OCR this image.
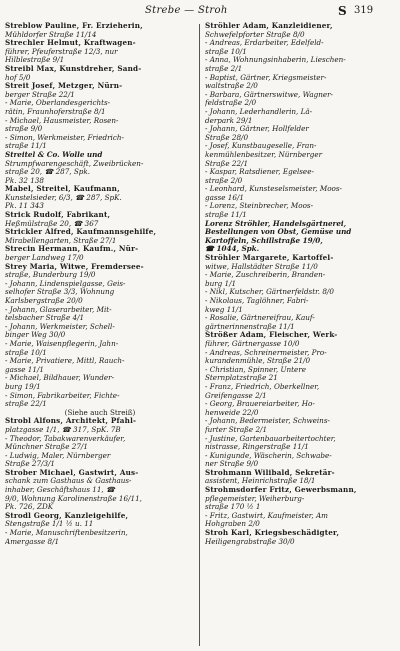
Strebe — Stroh	S 319
Streblow Pauline, Fr. Erzieherin,
Mühldorfer Straße 11/14
Strechler Helmut, Kraftwagen-
führer, Pfeuferstraße 12/3, nur
Hilblestraße 9/1
Streibl Max, Kunstdreher, Sand-
hof 5/0
Streit Josef, Metzger, Nürn-
berger Straße 22/1
- Marie, Oberlandesgerichts-
rätin, Fraunhoferstraße 8/1
- Michael, Hausmeister, Rosen-
straße 9/0
- Simon, Werkmeister, Friedrich-
straße 11/1
Streitel & Co. Wolle und
Strumpfwarengeschäft, Zweibrücken-
straße 20, ☎ 287, Spk.
Pk. 32 138
Mabel, Streitel, Kaufmann,
Kunstelsieder, 6/3, ☎ 287, SpK.
Pk. 11 343
Strick Rudolf, Fabrikant,
Heßmülstraße 20, ☎ 367
Strickler Alfred, Kaufmannsgehilfe,
Mirabellengarten, Straße 27/1
Strecin Hermann, Kaufm., Nür-
berger Landweg 17/0
Strey Maria, Witwe, Fremdersee-
straße, Bunderburg 19/0
- Johann, Lindenspielgasse, Geis-
selhofer Straße 3/3, Wohnung
Karlsbergstraße 20/0
- Johann, Glaserarbeiter, Mit-
telsbacher Straße 4/1
- Johann, Werkmeister, Schell-
binger Weg 30/0
- Marie, Waisenpflegerin, Jahn-
straße 10/1
- Marie, Privatiere, Mittl, Rauch-
gasse 11/1
- Michael, Bildhauer, Wunder-
burg 19/1
- Simon, Fabrikarbeiter, Fichte-
straße 22/1
(Siehe auch Streiß)
Strobl Alfons, Architekt, Pfahl-
platzgasse 1/1, ☎ 317, SpK. 7B
- Theodor, Tabakwarenverkäufer,
Münchner Straße 27/1
- Ludwig, Maler, Nürnberger
Straße 27/3/1
Strober Michael, Gastwirt, Aus-
schank zum Gasthaus & Gasthaus-
inhaber, Geschäftshaus 11, ☎
9/0, Wohnung Karolinenstraße 16/11,
Pk. 726, ZDK
Strodl Georg, Kanzleigehilfe,
Stengstraße 1/1 ½ u. 11
- Marie, Manuschriftenbesitzerin,
Amergasse 8/1
Ströhler Adam, Kanzleidiener,
Schwefelpforter Straße 8/0
- Andreas, Erdarbeiter, Edelfeld-
straße 10/1
- Anna, Wohnungsinhaberin, Lieschen-
straße 2/1
- Baptist, Gärtner, Kriegsmeister-
waltstraße 2/0
- Barbara, Gärtnerswitwe, Wagner-
feldstraße 2/0
- Johann, Lederhandlerin, Lä-
derpark 29/1
- Johann, Gärtner, Hollfelder
Straße 28/0
- Josef, Kunstbaugeselle, Fran-
kenmühlenbesitzer, Nürnberger
Straße 22/1
- Kaspar, Ratsdiener, Egelsee-
straße 2/0
- Leonhard, Kunsteselsmeister, Moos-
gasse 16/1
- Lorenz, Steinbrecher, Moos-
straße 11/1
Lorenz Ströhler, Handelsgärtnerei,
Bestellungen von Obst, Gemüse und
Kartoffeln, Schillstraße 19/0,
☎ 1044, Spk.
Ströhler Margarete, Kartoffel-
witwe, Hallstädter Straße 11/0
- Marie, Zuschreiberin, Branden-
burg 1/1
- Nikl, Kutscher, Gärtnerfeldstr. 8/0
- Nikolaus, Taglöhner, Fabri-
kweg 11/1
- Rosalie, Gärtnereifrau, Kauf-
gärtnerinnenstraße 11/1
Strößer Adam, Fleischer, Werk-
führer, Gärtnergasse 10/0
- Andreas, Schreinermeister, Pro-
kurandenmühle, Straße 21/0
- Christian, Spinner, Untere
Sternplatzstraße 21
- Franz, Friedrich, Oberkellner,
Greifengasse 2/1
- Georg, Brauereiarbeiter, Ho-
henweide 22/0
- Johann, Bedermeister, Schweins-
furter Straße 2/1
- Justine, Gartenbauarbeitertochter,
nistrasse, Ringerstraße 11/1
- Kunigunde, Wäscherin, Schwabe-
ner Straße 9/0
Strohmann Wilibald, Sekretär-
assistent, Heinrichstraße 18/1
Strohmsdorfer Fritz, Gewerbsmann,
pflegemeister, Weiherburg-
straße 170 ½ 1
- Fritz, Gastwirt, Kaufmeister, Am
Hohgraben 2/0
Stroh Karl, Kriegsbeschädigter,
Heiligengrabstraße 30/0
